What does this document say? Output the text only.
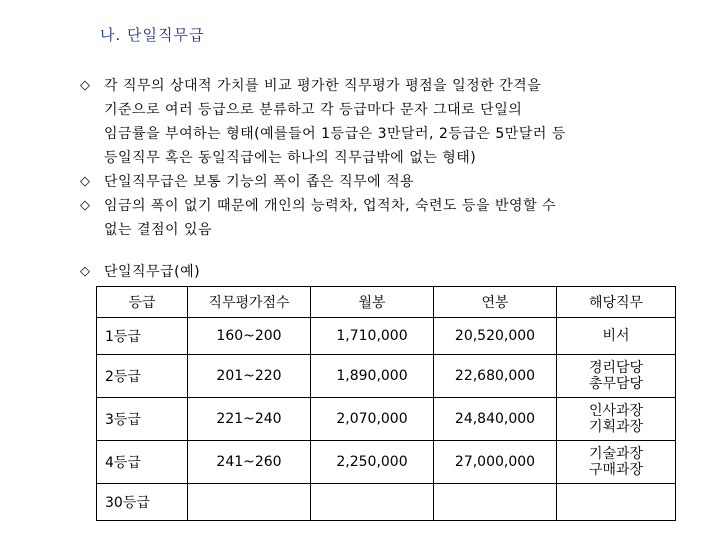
나. 단일직무급
◇	각 직무의 상대적 가치를 비교 평가한 직무평가 평점을 일정한 간격을
기준으로 여러 등급으로 분류하고 각 등급마다 문자 그대로 단일의
임금률을 부여하는 형태(예를들어 1등급은 3만달러, 2등급은 5만달러 등
등일직무 혹은 동일직급에는 하나의 직무급밖에 없는 형태)
◇	단일직무급은 보통 기능의 폭이 좁은 직무에 적용
◇	임금의 폭이 없기 때문에 개인의 능력차, 업적차, 숙련도 등을 반영할 수
없는 결점이 있음
◇	단일직무급(예)
등급	직무평가점수	월봉	연봉	해당직무
1등급	160~200	1,710,000	20,520,000	비서

2등급	201~220	1,890,000	22,680,000	경리담당
총무담당

3등급	221~240	2,070,000	24,840,000	인사과장
기획과장

4등급	241~260	2,250,000	27,000,000	기술과장
구매과장

30등급				
